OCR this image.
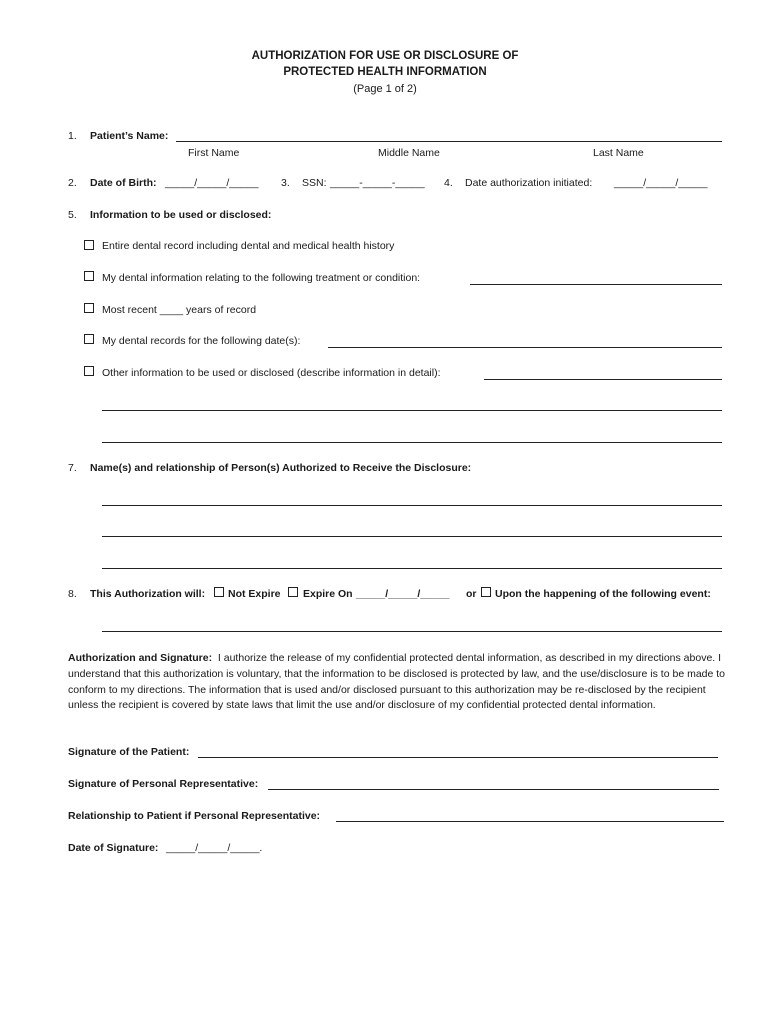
AUTHORIZATION FOR USE OR DISCLOSURE OF
PROTECTED HEALTH INFORMATION
(Page 1 of 2)
1. Patient’s Name:
First Name	Middle Name	Last Name
2. Date of Birth: _____/_____/_____ 3. SSN: _____-_____-_____ 4. Date authorization initiated: _____/_____/_____
5. Information to be used or disclosed:
Entire dental record including dental and medical health history
My dental information relating to the following treatment or condition:
Most recent ____ years of record
My dental records for the following date(s):
Other information to be used or disclosed (describe information in detail):
7. Name(s) and relationship of Person(s) Authorized to Receive the Disclosure:
8. This Authorization will: Not Expire Expire On _____/_____/_____ or Upon the happening of the following event:
Authorization and Signature: I authorize the release of my confidential protected dental information, as described in my directions above. I understand that this authorization is voluntary, that the information to be disclosed is protected by law, and the use/disclosure is to be made to conform to my directions. The information that is used and/or disclosed pursuant to this authorization may be re-disclosed by the recipient unless the recipient is covered by state laws that limit the use and/or disclosure of my confidential protected dental information.
Signature of the Patient:
Signature of Personal Representative:
Relationship to Patient if Personal Representative:
Date of Signature: _____/_____/_____.
